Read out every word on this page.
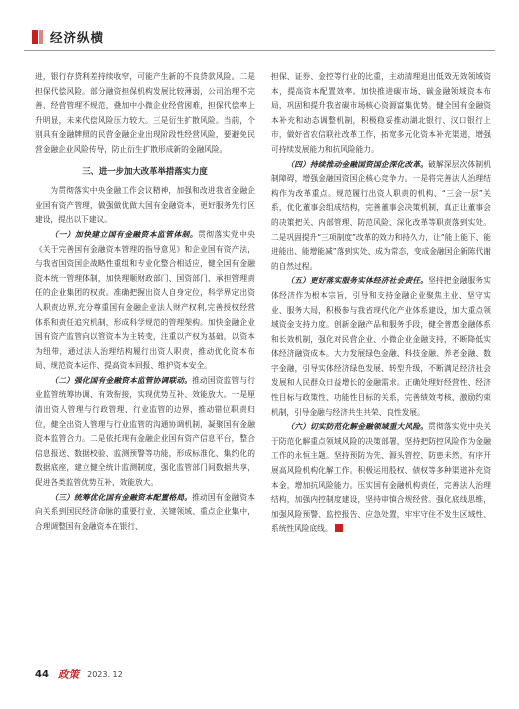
经济纵横

进，银行存贷利差持续收窄，可能产生新的不良贷款风险。二是担保代偿风险。部分融资担保机构发展比较薄弱，公司治理不完善、经营管理不规范，叠加中小微企业经营困难，担保代偿率上升明显，未来代偿风险压力较大。三是衍生扩散风险。当前，个别具有金融牌照的民营金融企业出现阶段性经营风险，要避免民营金融企业风险传导，防止衍生扩散形成新的金融风险。

三、进一步加大改革举措落实力度

为贯彻落实中央金融工作会议精神，加强和改进我省金融企业国有资产管理，做强做优做大国有金融资本，更好服务先行区建设，提出以下建议。

（一）加快建立国有金融资本监管体制。贯彻落实党中央《关于完善国有金融资本管理的指导意见》和企业国有资产法，与我省国资国企战略性重组和专业化整合相适应，健全国有金融资本统一管理体制，加快理顺财政部门、国资部门、承担管理责任的企业集团的权责。准确把握出资人自身定位，科学界定出资人职责边界,充分尊重国有金融企业法人财产权利,完善授权经营体系和责任追究机制，形成科学规范的管理架构。加快金融企业国有资产监管向以管资本为主转变，注重以产权为基础，以资本为纽带，通过法人治理结构履行出资人职责，推动优化资本布局、规范资本运作、提高资本回报、维护资本安全。

（二）强化国有金融资本监管协调联动。推动国资监管与行业监管统筹协调、有效衔接，实现优势互补、效能放大。一是厘清出资人管理与行政管理、行业监管的边界，推动错位职责归位，健全出资人管理与行业监管的沟通协调机制，凝聚国有金融资本监管合力。二是依托现有金融企业国有资产信息平台，整合信息报送、数据校验、监测预警等功能，形成标准化、集约化的数据底座，建立健全统计监测制度，强化监管部门间数据共享，促进各类监管优势互补、效能放大。

（三）统筹优化国有金融资本配置格局。推动国有金融资本向关系到国民经济命脉的重要行业、关键领域、重点企业集中，合理调整国有金融资本在银行、

担保、证券、金控等行业的比重，主动清理退出低效无效领域资本，提高资本配置效率。加快推进碳市场、碳金融领域资本布局，巩固和提升我省碳市场核心资源富集优势。健全国有金融资本补充和动态调整机制，积极稳妥推动湖北银行、汉口银行上市，做好省农信联社改革工作，拓宽多元化资本补充渠道，增强可持续发展能力和抗风险能力。

（四）持续推动金融国资国企深化改革。破解深层次体制机制障碍，增强金融国资国企核心竞争力。一是将完善法人治理结构作为改革重点。规范履行出资人职责的机构、“三会一层”关系，优化董事会组成结构，完善董事会决策机制，真正让董事会的决策把关、内部管理、防范风险、深化改革等职责落到实处。二是巩固提升“三项制度”改革的效力和持久力，让“能上能下、能进能出、能增能减”落到实处、成为常态，变成金融国企新陈代谢的自然过程。

（五）更好落实服务实体经济社会责任。坚持把金融服务实体经济作为根本宗旨，引导和支持金融企业聚焦主业、坚守实业、服务大局，积极参与我省现代化产业体系建设，加大重点领域资金支持力度。创新金融产品和服务手段，健全普惠金融体系和长效机制，强化对民营企业、小微企业金融支持，不断降低实体经济融资成本。大力发展绿色金融、科技金融、养老金融、数字金融，引导实体经济绿色发展、转型升级，不断满足经济社会发展和人民群众日益增长的金融需求。正确处理好经营性、经济性目标与政策性、功能性目标的关系，完善绩效考核、激励约束机制，引导金融与经济共生共荣、良性发展。

（六）切实防范化解金融领域重大风险。贯彻落实党中央关于防范化解重点领域风险的决策部署，坚持把防控风险作为金融工作的永恒主题。坚持预防为先、源头管控、防患未然，有序开展高风险机构化解工作。积极运用股权、债权等多种渠道补充资本金，增加抗风险能力。压实国有金融机构责任，完善法人治理结构，加强内控制度建设，坚持审慎合规经营。强化底线思维，加强风险预警、监控报告、应急处置，牢牢守住不发生区域性、系统性风险底线。

44 政策 2023. 12
